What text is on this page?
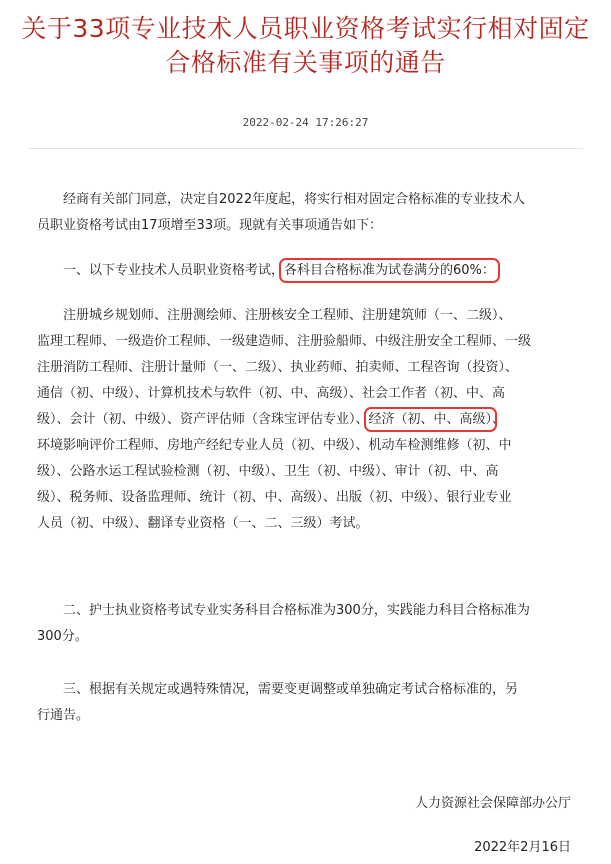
关于33项专业技术人员职业资格考试实行相对固定
合格标准有关事项的通告
2022-02-24 17:26:27
经商有关部门同意，决定自2022年度起，将实行相对固定合格标准的专业技术人
员职业资格考试由17项增至33项。现就有关事项通告如下：
一、以下专业技术人员职业资格考试，各科目合格标准为试卷满分的60%：
注册城乡规划师、注册测绘师、注册核安全工程师、注册建筑师（一、二级）、
监理工程师、一级造价工程师、一级建造师、注册验船师、中级注册安全工程师、一级
注册消防工程师、注册计量师（一、二级）、执业药师、拍卖师、工程咨询（投资）、
通信（初、中级）、计算机技术与软件（初、中、高级）、社会工作者（初、中、高
级）、会计（初、中级）、资产评估师（含珠宝评估专业）、经济（初、中、高级）、
环境影响评价工程师、房地产经纪专业人员（初、中级）、机动车检测维修（初、中
级）、公路水运工程试验检测（初、中级）、卫生（初、中级）、审计（初、中、高
级）、税务师、设备监理师、统计（初、中、高级）、出版（初、中级）、银行业专业
人员（初、中级）、翻译专业资格（一、二、三级）考试。
二、护士执业资格考试专业实务科目合格标准为300分，实践能力科目合格标准为
300分。
三、根据有关规定或遇特殊情况，需要变更调整或单独确定考试合格标准的，另
行通告。
人力资源社会保障部办公厅
2022年2月16日
